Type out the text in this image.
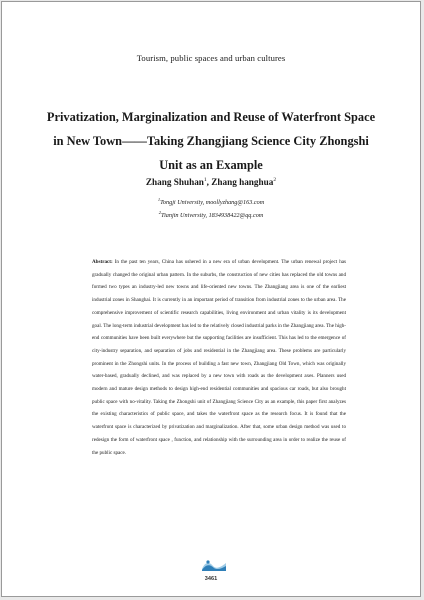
Tourism, public spaces and urban cultures
Privatization, Marginalization and Reuse of Waterfront Space
in New Town——Taking Zhangjiang Science City Zhongshi
Unit as an Example
Zhang Shuhan$^1$, Zhang hanghua$^2$
$^1$Tongji University, moollyzhang@163.com
$^2$Tianjin University, 1834938422@qq.com

Abstract: In the past ten years, China has ushered in a new era of urban development. The urban renewal project has gradually changed the original urban pattern. In the suburbs, the construction of new cities has replaced the old towns and formed two types an industry-led new towns and life-oriented new towns. The Zhangjiang area is one of the earliest industrial zones in Shanghai. It is currently in an important period of transition from industrial zones to the urban area. The comprehensive improvement of scientific research capabilities, living environment and urban vitality is its development goal. The long-term industrial development has led to the relatively closed industrial parks in the Zhangjiang area. The high-end communities have been built everywhere but the supporting facilities are insufficient. This has led to the emergence of city-industry separation, and separation of jobs and residential in the Zhangjiang area. These problems are particularly prominent in the Zhongshi units. In the process of building a fast new town, Zhangjiang Old Town, which was originally water-based, gradually declined, and was replaced by a new town with roads as the development axes. Planners used modern and mature design methods to design high-end residential communities and spacious car roads, but also brought public space with no-vitality. Taking the Zhongshi unit of Zhangjiang Science City as an example, this paper first analyzes the existing characteristics of public space, and takes the waterfront space as the research focus. It is found that the waterfront space is characterized by privatization and marginalization. After that, some urban design method was used to redesign the form of waterfront space , function, and relationship with the surrounding area in order to realize the reuse of the public space.

3461
